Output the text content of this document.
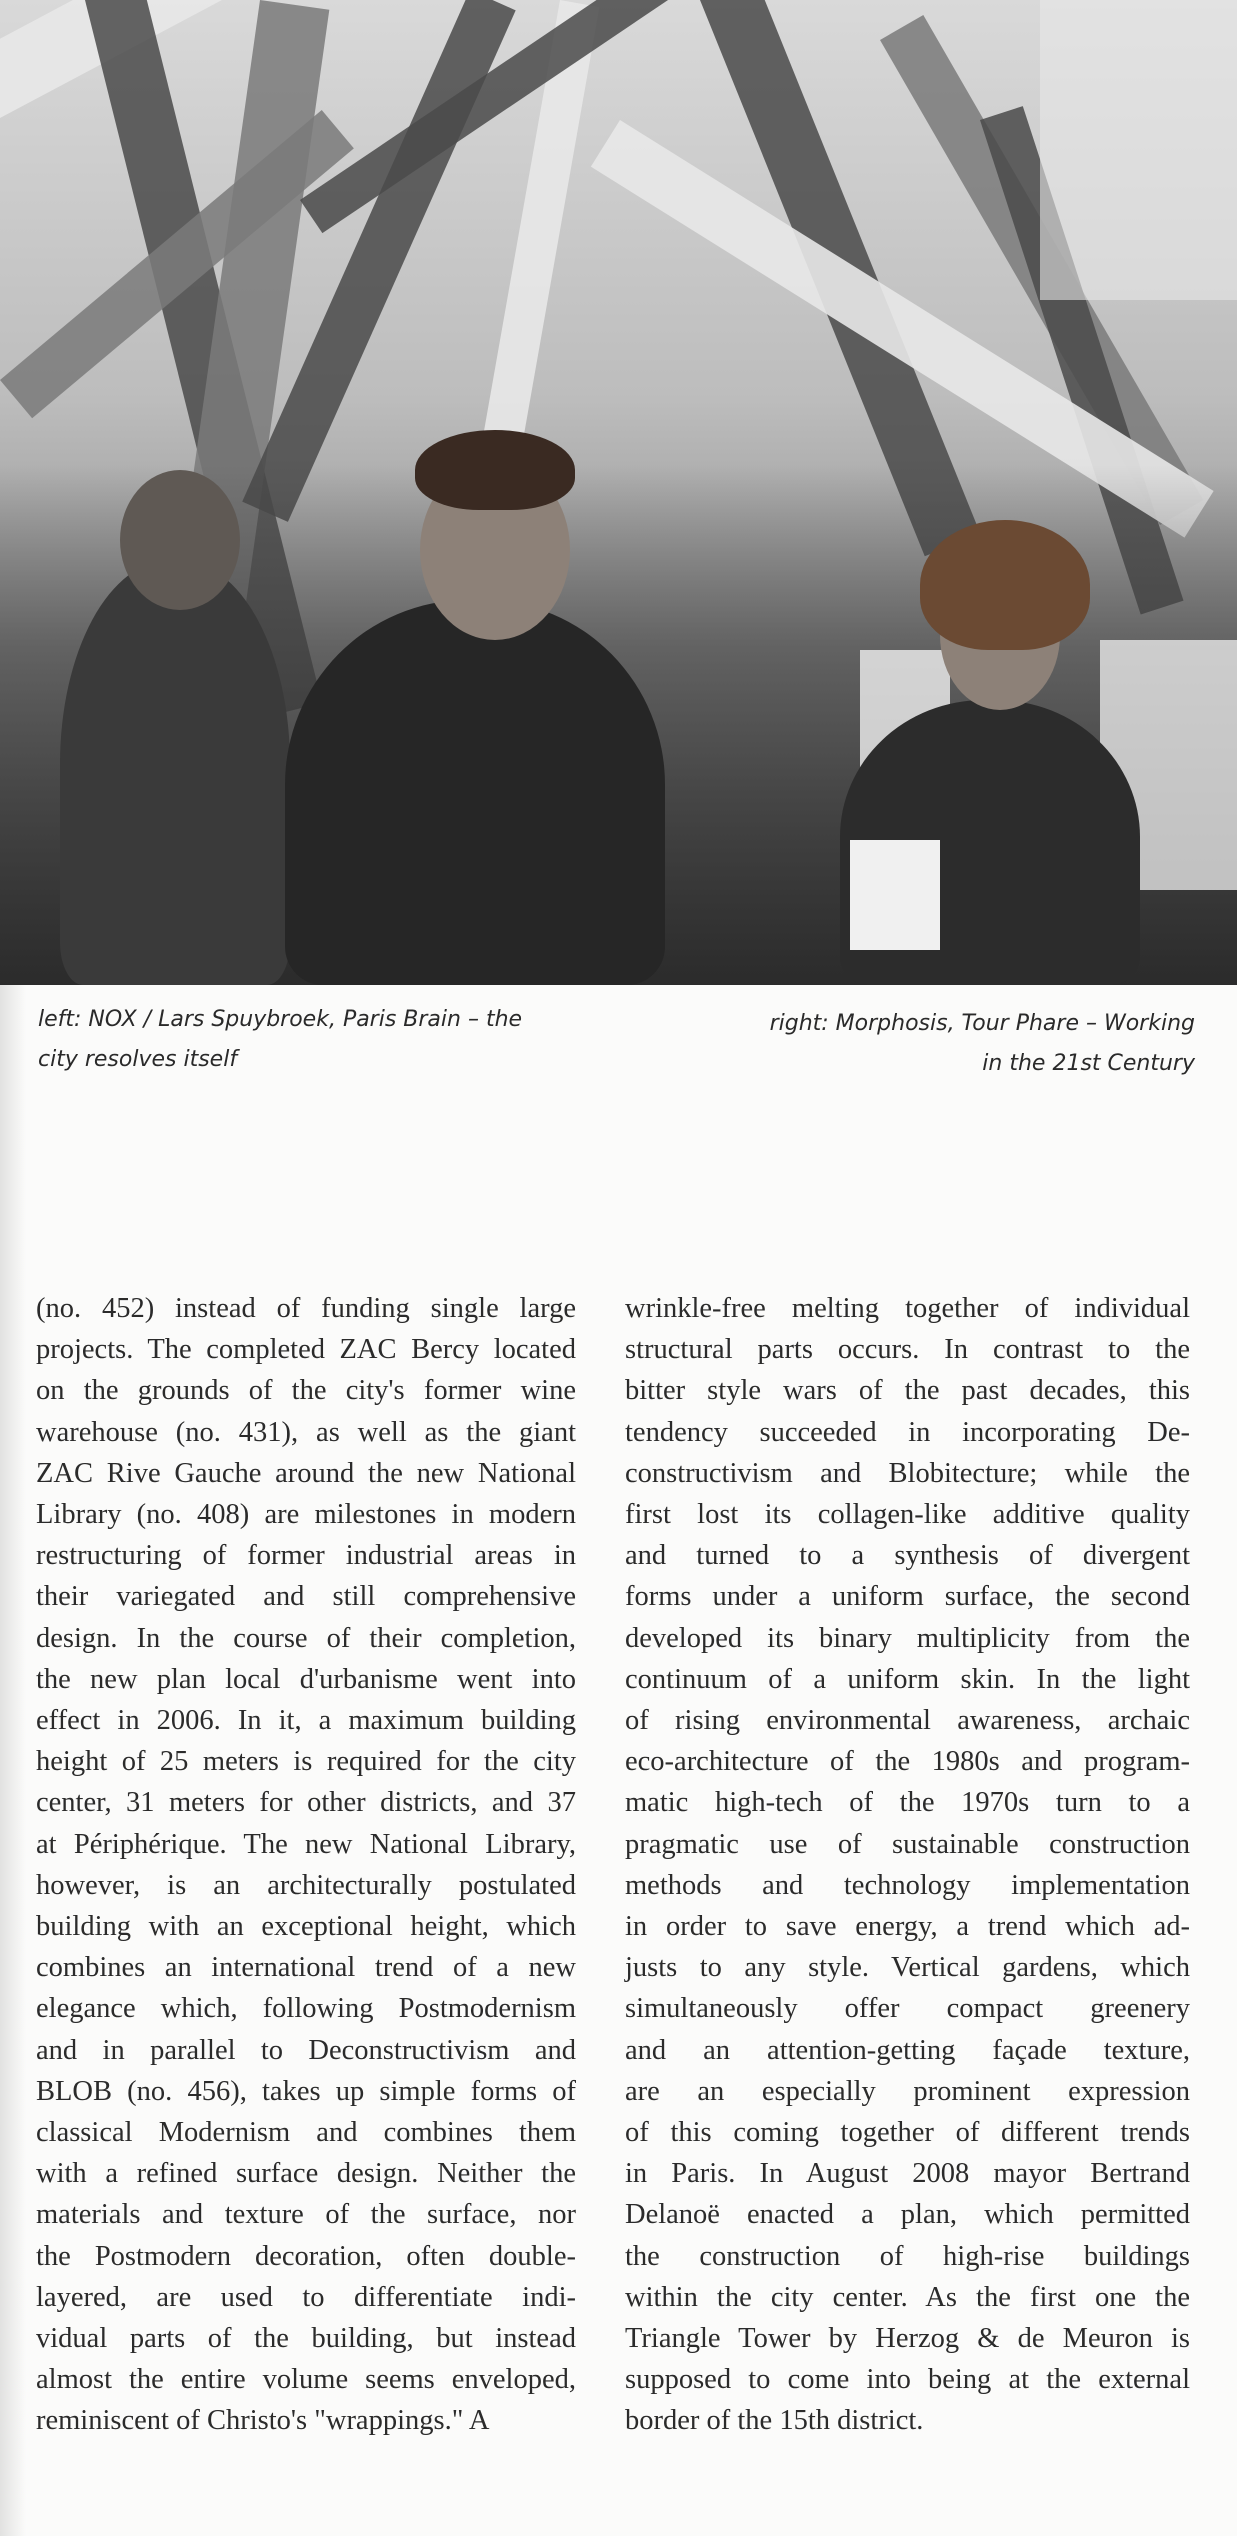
left: NOX / Lars Spuybroek, Paris Brain – the
city resolves itself

right: Morphosis, Tour Phare – Working
in the 21st Century

(no. 452) instead of funding single large
projects. The completed ZAC Bercy located
on the grounds of the city's former wine
warehouse (no. 431), as well as the giant
ZAC Rive Gauche around the new National
Library (no. 408) are milestones in modern
restructuring of former industrial areas in
their variegated and still comprehensive
design. In the course of their completion,
the new plan local d'urbanisme went into
effect in 2006. In it, a maximum building
height of 25 meters is required for the city
center, 31 meters for other districts, and 37
at Périphérique. The new National Library,
however, is an architecturally postulated
building with an exceptional height, which
combines an international trend of a new
elegance which, following Postmodernism
and in parallel to Deconstructivism and
BLOB (no. 456), takes up simple forms of
classical Modernism and combines them
with a refined surface design. Neither the
materials and texture of the surface, nor
the Postmodern decoration, often double-
layered, are used to differentiate indi-
vidual parts of the building, but instead
almost the entire volume seems enveloped,
reminiscent of Christo's "wrappings." A
wrinkle-free melting together of individual
structural parts occurs. In contrast to the
bitter style wars of the past decades, this
tendency succeeded in incorporating De-
constructivism and Blobitecture; while the
first lost its collagen-like additive quality
and turned to a synthesis of divergent
forms under a uniform surface, the second
developed its binary multiplicity from the
continuum of a uniform skin. In the light
of rising environmental awareness, archaic
eco-architecture of the 1980s and program-
matic high-tech of the 1970s turn to a
pragmatic use of sustainable construction
methods and technology implementation
in order to save energy, a trend which ad-
justs to any style. Vertical gardens, which
simultaneously offer compact greenery
and an attention-getting façade texture,
are an especially prominent expression
of this coming together of different trends
in Paris. In August 2008 mayor Bertrand
Delanoë enacted a plan, which permitted
the construction of high-rise buildings
within the city center. As the first one the
Triangle Tower by Herzog & de Meuron is
supposed to come into being at the external
border of the 15th district.
